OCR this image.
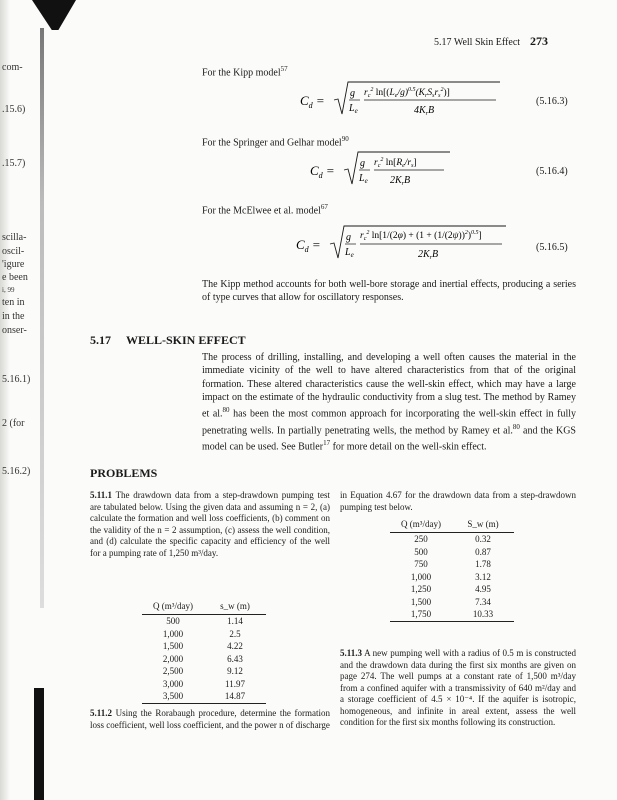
5.17 Well Skin Effect 273
com-
.15.6)
.15.7)
scilla-
oscil-
'igure
e been
i, 99
ten in
in the
onser-
5.16.1)
2 (for
5.16.2)
For the Kipp model$^{57}$
$C_d$ =	g
$L_e$
$r_c^2$ $\ln[(L_e/g)^{0.5}(K_rS_sr_s^2)]$
$4K_rB$
(5.16.3)
For the Springer and Gelhar model$^{90}$
$C_d$ =	g
$L_e$
$r_c^2$ $\ln[R_e/r_s]$
$2K_rB$
(5.16.4)
For the McElwee et al. model$^{67}$
$C_d$ =	g
$L_e$
$r_c^2$ $\ln[1/(2\varphi) + (1 + (1/(2\psi))^2)^{0.5}]$
$2K_rB$
(5.16.5)
The Kipp method accounts for both well-bore storage and inertial effects, producing a series of type curves that allow for oscillatory responses.
5.17 WELL-SKIN EFFECT
The process of drilling, installing, and developing a well often causes the material in the immediate vicinity of the well to have altered characteristics from that of the original formation. These altered characteristics cause the well-skin effect, which may have a large impact on the estimate of the hydraulic conductivity from a slug test. The method by Ramey et al.$^{80}$ has been the most common approach for incorporating the well-skin effect in fully penetrating wells. In partially penetrating wells, the method by Ramey et al.$^{80}$ and the KGS model can be used. See Butler$^{17}$ for more detail on the well-skin effect.
PROBLEMS
5.11.1 The drawdown data from a step-drawdown pumping test are tabulated below. Using the given data and assuming n = 2, (a) calculate the formation and well loss coefficients, (b) comment on the validity of the n = 2 assumption, (c) assess the well condition, and (d) calculate the specific capacity and efficiency of the well for a pumping rate of 1,250 m³/day.
Q (m³/day)	s_w (m)
500	1.14
1,000	2.5
1,500	4.22
2,000	6.43
2,500	9.12
3,000	11.97
3,500	14.87
5.11.2 Using the Rorabaugh procedure, determine the formation loss coefficient, well loss coefficient, and the power n of discharge
in Equation 4.67 for the drawdown data from a step-drawdown pumping test below.
Q (m³/day)	S_w (m)
250	0.32
500	0.87
750	1.78
1,000	3.12
1,250	4.95
1,500	7.34
1,750	10.33
5.11.3 A new pumping well with a radius of 0.5 m is constructed and the drawdown data during the first six months are given on page 274. The well pumps at a constant rate of 1,500 m³/day from a confined aquifer with a transmissivity of 640 m²/day and a storage coefficient of 4.5 × 10⁻⁴. If the aquifer is isotropic, homogeneous, and infinite in areal extent, assess the well condition for the first six months following its construction.
